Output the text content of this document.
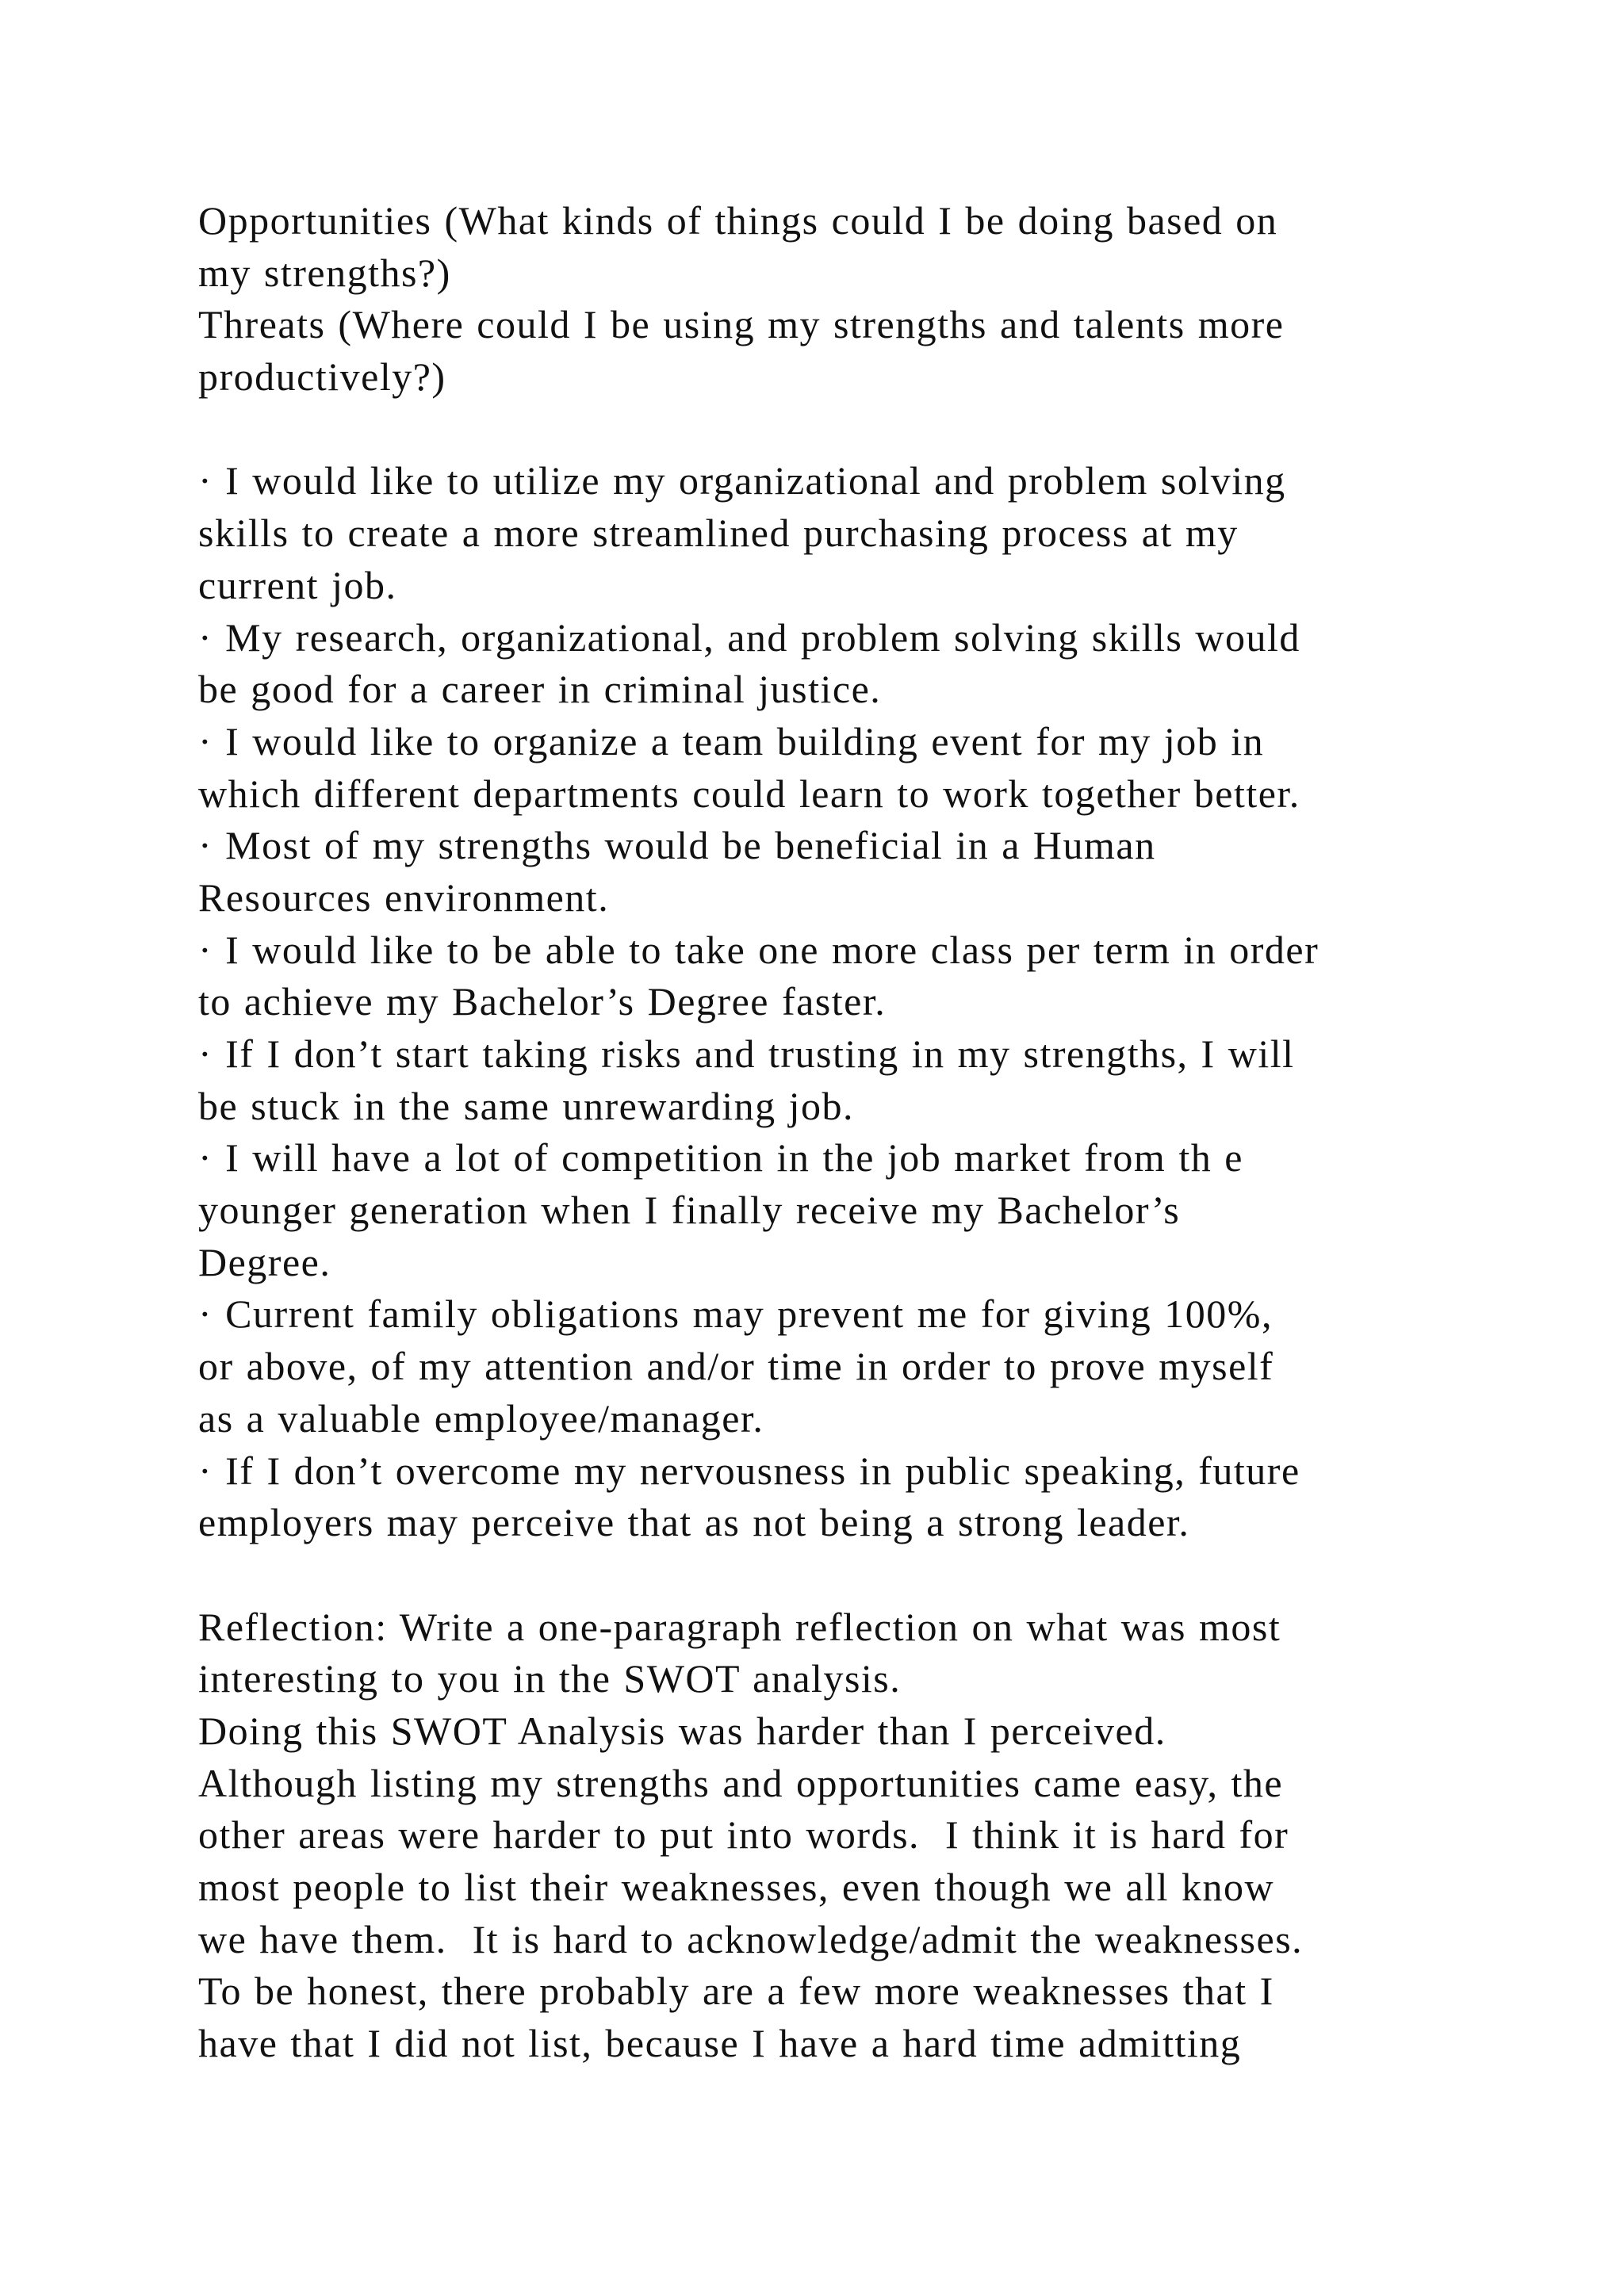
Opportunities (What kinds of things could I be doing based on

my strengths?)

Threats (Where could I be using my strengths and talents more

productively?)

· I would like to utilize my organizational and problem solving

skills to create a more streamlined purchasing process at my

current job.

· My research, organizational, and problem solving skills would

be good for a career in criminal justice.

· I would like to organize a team building event for my job in

which different departments could learn to work together better.

· Most of my strengths would be beneficial in a Human

Resources environment.

· I would like to be able to take one more class per term in order

to achieve my Bachelor’s Degree faster.

· If I don’t start taking risks and trusting in my strengths, I will

be stuck in the same unrewarding job.

· I will have a lot of competition in the job market from th e

younger generation when I finally receive my Bachelor’s

Degree.

· Current family obligations may prevent me for giving 100%,

or above, of my attention and/or time in order to prove myself

as a valuable employee/manager.

· If I don’t overcome my nervousness in public speaking, future

employers may perceive that as not being a strong leader.

Reflection: Write a one-paragraph reflection on what was most

interesting to you in the SWOT analysis.

Doing this SWOT Analysis was harder than I perceived.

Although listing my strengths and opportunities came easy, the

other areas were harder to put into words.  I think it is hard for

most people to list their weaknesses, even though we all know

we have them.  It is hard to acknowledge/admit the weaknesses.

To be honest, there probably are a few more weaknesses that I

have that I did not list, because I have a hard time admitting
